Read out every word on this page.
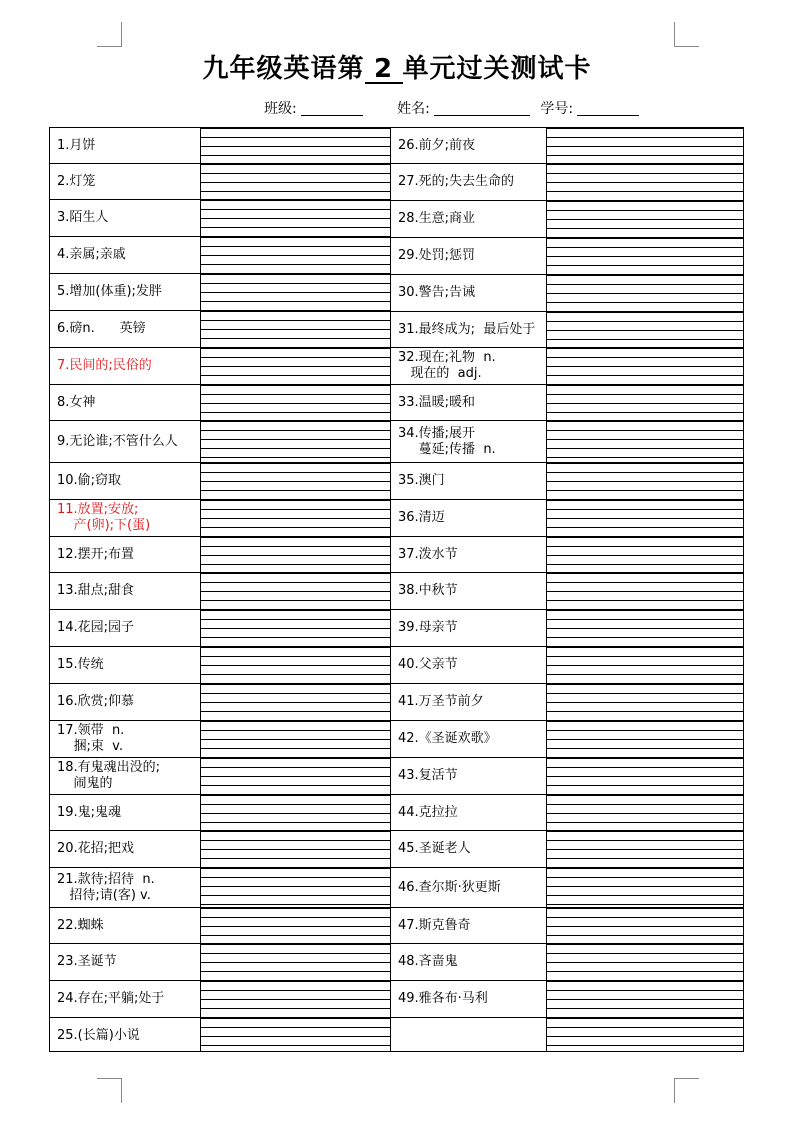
九年级英语第 2 单元过关测试卡
班级:	姓名:	学号:
1.月饼
2.灯笼
3.陌生人
4.亲属;亲戚
5.增加(体重);发胖
6.磅n.      英镑
7.民间的;民俗的
8.女神
9.无论谁;不管什么人
10.偷;窃取
11.放置;安放;
产(卵);下(蛋)
12.摆开;布置
13.甜点;甜食
14.花园;园子
15.传统
16.欣赏;仰慕
17.领带  n.
捆;束  v.
18.有鬼魂出没的;
闹鬼的
19.鬼;鬼魂
20.花招;把戏
21.款待;招待  n.
招待;请(客) v.
22.蜘蛛
23.圣诞节
24.存在;平躺;处于
25.(长篇)小说
26.前夕;前夜
27.死的;失去生命的
28.生意;商业
29.处罚;惩罚
30.警告;告诫
31.最终成为;  最后处于
32.现在;礼物  n.
现在的  adj.
33.温暖;暖和
34.传播;展开
蔓延;传播  n.
35.澳门
36.清迈
37.泼水节
38.中秋节
39.母亲节
40.父亲节
41.万圣节前夕
42.《圣诞欢歌》
43.复活节
44.克拉拉
45.圣诞老人
46.查尔斯·狄更斯
47.斯克鲁奇
48.吝啬鬼
49.雅各布·马利
